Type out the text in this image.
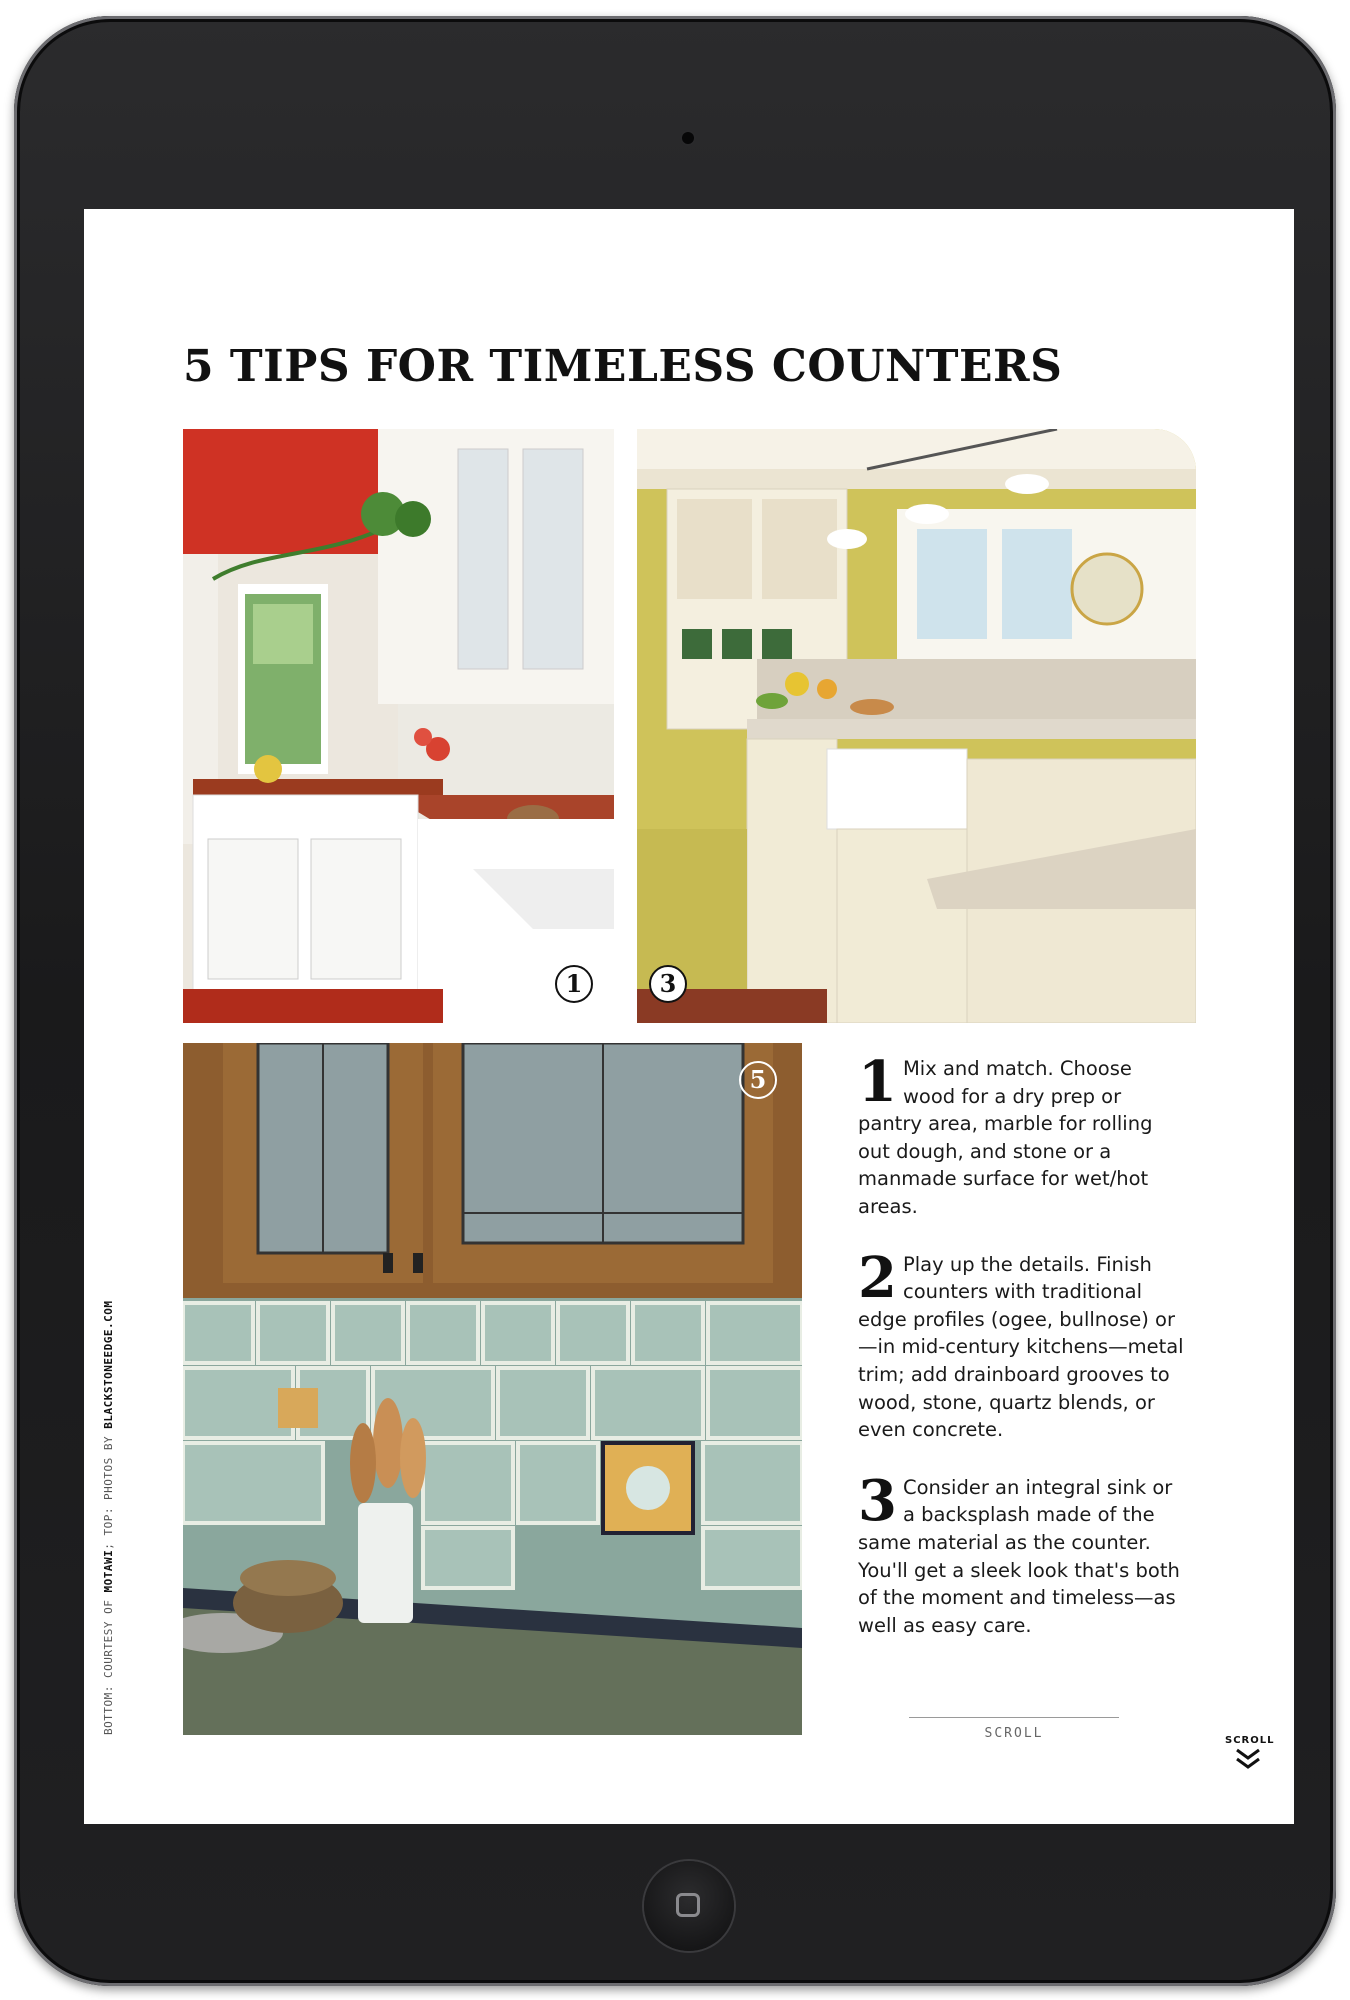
5 TIPS FOR TIMELESS COUNTERS
1	3
5 1 Mix and match. Choose wood for a dry prep or pantry area, marble for rolling out dough, and stone or a manmade surface for wet/hot areas.

2 Play up the details. Finish counters with traditional edge profiles (ogee, bullnose) or—in mid-century kitchens—metal trim; add drainboard grooves to wood, stone, quartz blends, or even concrete.

3 Consider an integral sink or a backsplash made of the same material as the counter. You'll get a sleek look that's both of the moment and timeless—as well as easy care.

SCROLL	SCROLL
BOTTOM: COURTESY OF MOTAWI; TOP: PHOTOS BY BLACKSTONEEDGE.COM
